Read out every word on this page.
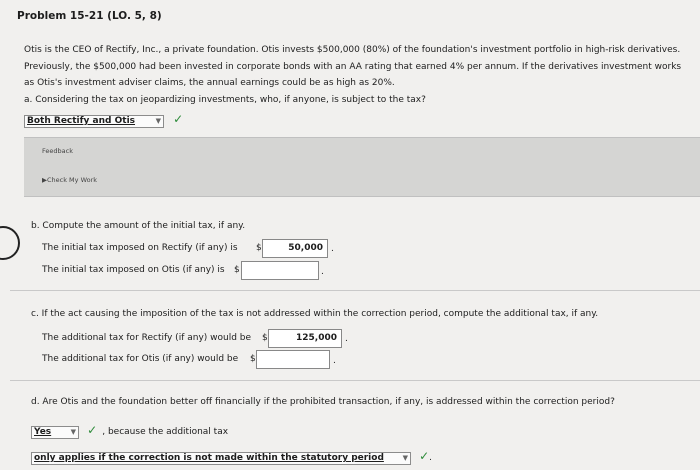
Problem 15-21 (LO. 5, 8)
Otis is the CEO of Rectify, Inc., a private foundation. Otis invests $500,000 (80%) of the foundation's investment portfolio in high-risk derivatives. Previously, the $500,000 had been invested in corporate bonds with an AA rating that earned 4% per annum. If the derivatives investment works as Otis's investment adviser claims, the annual earnings could be as high as 20%.
a. Considering the tax on jeopardizing investments, who, if anyone, is subject to the tax?
Both Rectify and Otis	▼ ✓
Feedback
▶Check My Work
b. Compute the amount of the initial tax, if any.
The initial tax imposed on Rectify (if any) is $	50,000 .
The initial tax imposed on Otis (if any) is $	.
c. If the act causing the imposition of the tax is not addressed within the correction period, compute the additional tax, if any.
The additional tax for Rectify (if any) would be $	125,000 .
The additional tax for Otis (if any) would be $	.
d. Are Otis and the foundation better off financially if the prohibited transaction, if any, is addressed within the correction period?
Yes	▼ ✓ , because the additional tax
only applies if the correction is not made within the statutory period	▼ ✓.
